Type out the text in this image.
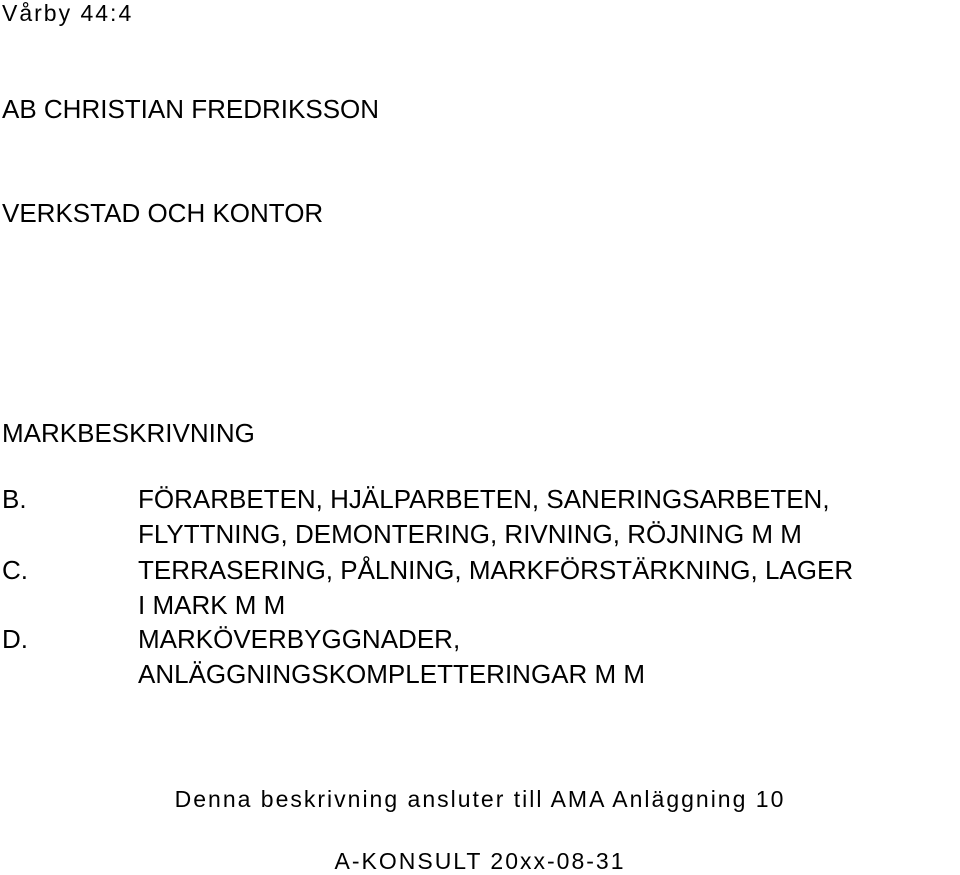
Vårby 44:4
AB CHRISTIAN FREDRIKSSON
VERKSTAD OCH KONTOR
MARKBESKRIVNING
B.	FÖRARBETEN, HJÄLPARBETEN, SANERINGSARBETEN,
FLYTTNING, DEMONTERING, RIVNING, RÖJNING M M
C.	TERRASERING, PÅLNING, MARKFÖRSTÄRKNING, LAGER
I MARK M M
D.	MARKÖVERBYGGNADER,
ANLÄGGNINGSKOMPLETTERINGAR M M
Denna beskrivning ansluter till AMA Anläggning 10
A-KONSULT 20xx-08-31
